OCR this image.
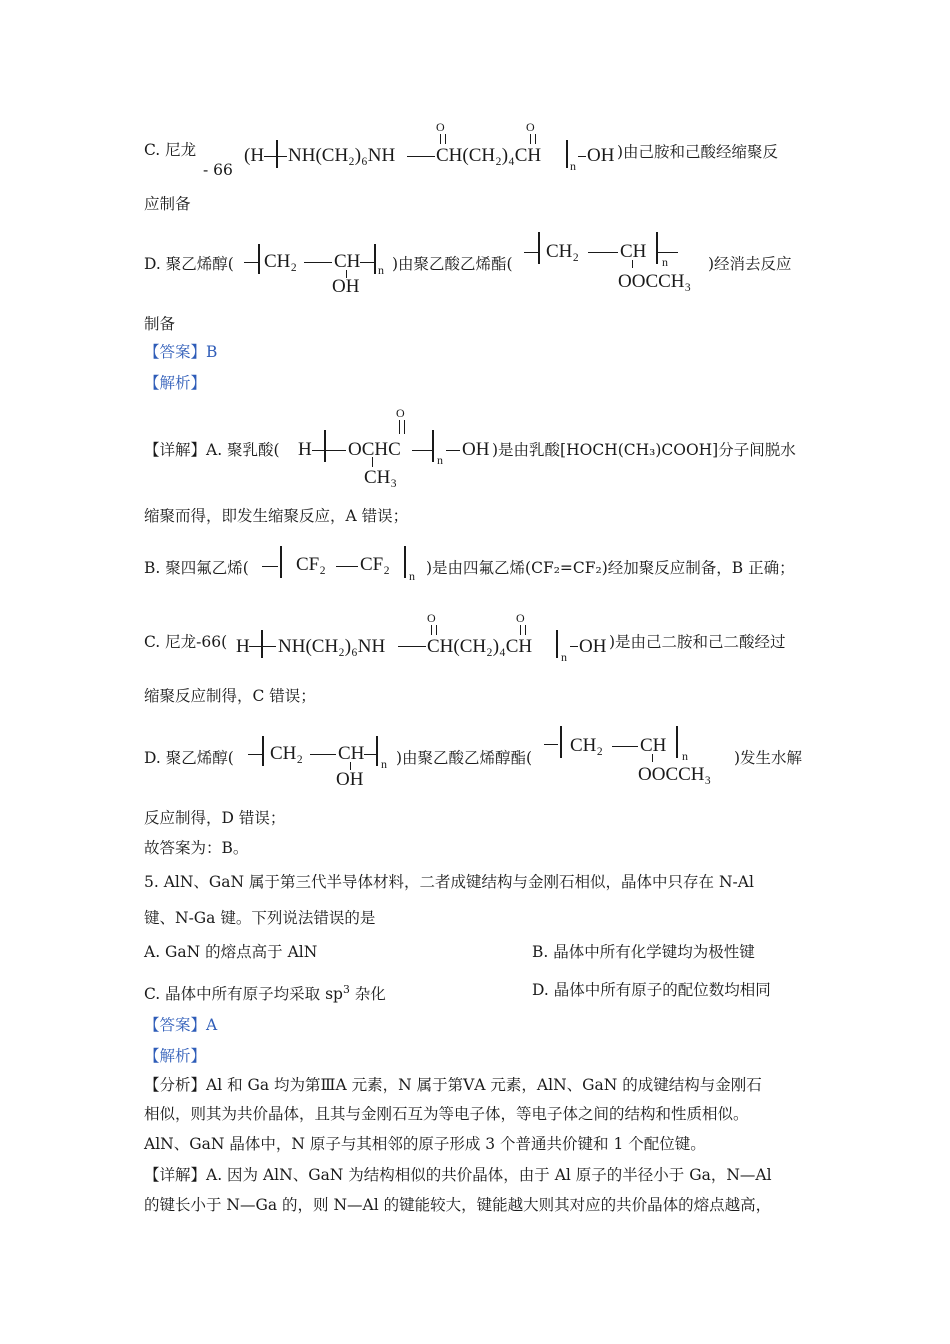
C. 尼龙
- 66
(H NH(CH₂)₆NH
O
CH(CH₂)₄CH
O
n OH )由己胺和己酸经缩聚反
应制备
D. 聚乙烯醇( CH₂ CH
OH
n )由聚乙酸乙烯酯(
CH₂ CH
OOCCH₃
n	)经消去反应
制备
【答案】B
【解析】
【详解】A. 聚乳酸( H OCHC
O
CH₃
n OH )是由乳酸[HOCH(CH₃)COOH]分子间脱水
缩聚而得，即发生缩聚反应，A 错误；
B. 聚四氟乙烯( CF₂ CF₂
n )是由四氟乙烯(CF₂=CF₂)经加聚反应制备，B 正确；
C. 尼龙-66( H NH(CH₂)₆NH
O
CH(CH₂)₄CH
O
n OH )是由己二胺和己二酸经过
缩聚反应制得，C 错误；
D. 聚乙烯醇( CH₂ CH
OH
n )由聚乙酸乙烯醇酯(
CH₂ CH
OOCCH₃
n	)发生水解
反应制得，D 错误；
故答案为：B。
5. AlN、GaN 属于第三代半导体材料，二者成键结构与金刚石相似，晶体中只存在 N-Al
键、N-Ga 键。下列说法错误的是
A. GaN 的熔点高于 AlN	B. 晶体中所有化学键均为极性键
C. 晶体中所有原子均采取 $sp^3$ 杂化	D. 晶体中所有原子的配位数均相同
【答案】A
【解析】
【分析】Al 和 Ga 均为第ⅢA 元素，N 属于第ⅤA 元素，AlN、GaN 的成键结构与金刚石
相似，则其为共价晶体，且其与金刚石互为等电子体，等电子体之间的结构和性质相似。
AlN、GaN 晶体中，N 原子与其相邻的原子形成 3 个普通共价键和 1 个配位键。
【详解】A. 因为 AlN、GaN 为结构相似的共价晶体，由于 Al 原子的半径小于 Ga，N—Al
的键长小于 N—Ga 的，则 N—Al 的键能较大，键能越大则其对应的共价晶体的熔点越高，
